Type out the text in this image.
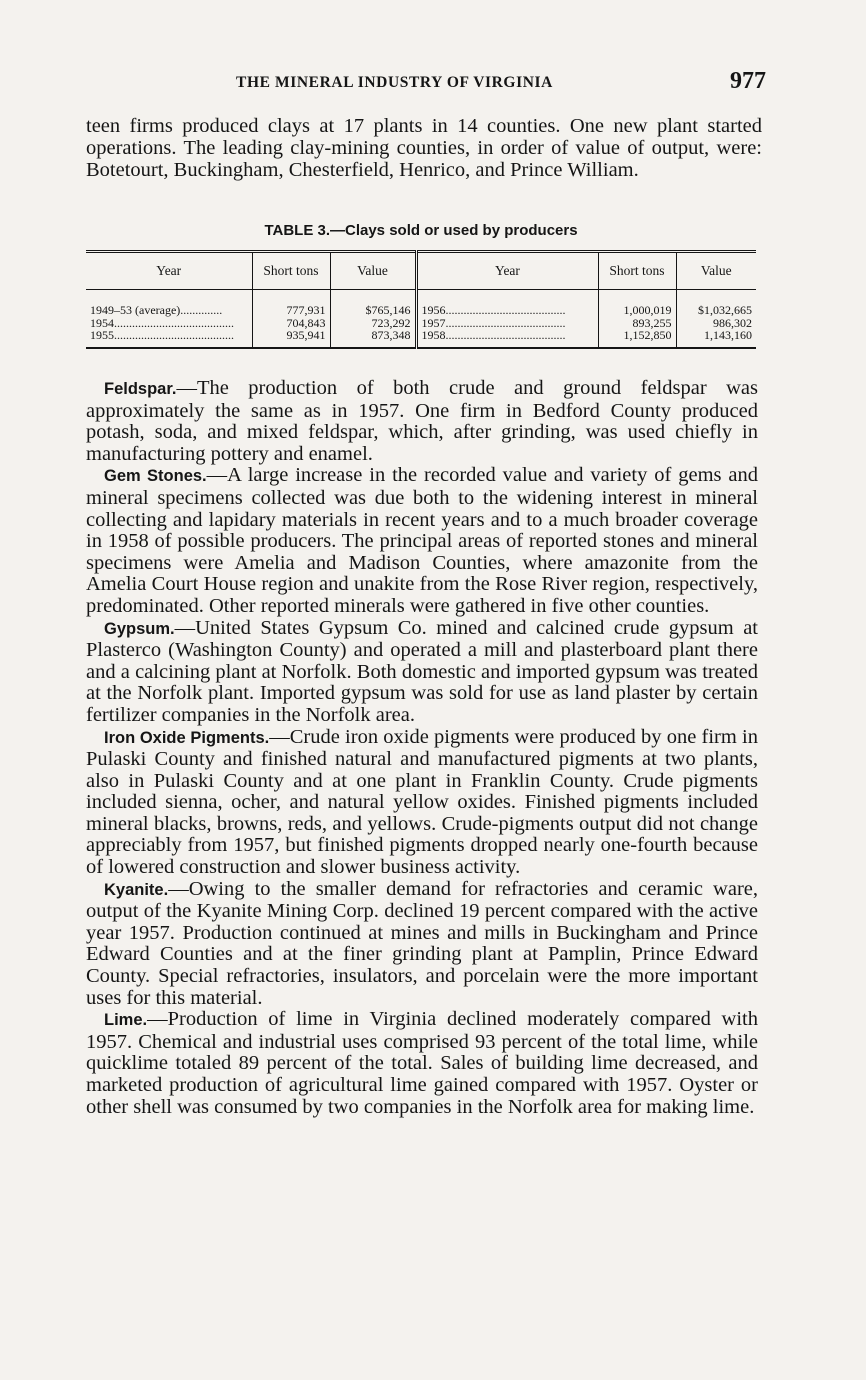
THE MINERAL INDUSTRY OF VIRGINIA	977

teen firms produced clays at 17 plants in 14 counties. One new plant started operations. The leading clay-mining counties, in order of value of output, were: Botetourt, Buckingham, Chesterfield, Henrico, and Prince William.

TABLE 3.—Clays sold or used by producers
Year	Short tons	Value	Year	Short tons	Value
1949–53 (average)..............	777,931	$765,146	1956........................................	1,000,019	$1,032,665
1954........................................	704,843	723,292	1957........................................	893,255	986,302
1955........................................	935,941	873,348	1958........................................	1,152,850	1,143,160

Feldspar.—The production of both crude and ground feldspar was approximately the same as in 1957. One firm in Bedford County produced potash, soda, and mixed feldspar, which, after grinding, was used chiefly in manufacturing pottery and enamel.

Gem Stones.—A large increase in the recorded value and variety of gems and mineral specimens collected was due both to the widening interest in mineral collecting and lapidary materials in recent years and to a much broader coverage in 1958 of possible producers. The principal areas of reported stones and mineral specimens were Amelia and Madison Counties, where amazonite from the Amelia Court House region and unakite from the Rose River region, respectively, predominated. Other reported minerals were gathered in five other counties.

Gypsum.—United States Gypsum Co. mined and calcined crude gypsum at Plasterco (Washington County) and operated a mill and plasterboard plant there and a calcining plant at Norfolk. Both domestic and imported gypsum was treated at the Norfolk plant. Imported gypsum was sold for use as land plaster by certain fertilizer companies in the Norfolk area.

Iron Oxide Pigments.—Crude iron oxide pigments were produced by one firm in Pulaski County and finished natural and manufactured pigments at two plants, also in Pulaski County and at one plant in Franklin County. Crude pigments included sienna, ocher, and natural yellow oxides. Finished pigments included mineral blacks, browns, reds, and yellows. Crude-pigments output did not change appreciably from 1957, but finished pigments dropped nearly one-fourth because of lowered construction and slower business activity.

Kyanite.—Owing to the smaller demand for refractories and ceramic ware, output of the Kyanite Mining Corp. declined 19 percent compared with the active year 1957. Production continued at mines and mills in Buckingham and Prince Edward Counties and at the finer grinding plant at Pamplin, Prince Edward County. Special refractories, insulators, and porcelain were the more important uses for this material.

Lime.—Production of lime in Virginia declined moderately compared with 1957. Chemical and industrial uses comprised 93 percent of the total lime, while quicklime totaled 89 percent of the total. Sales of building lime decreased, and marketed production of agricultural lime gained compared with 1957. Oyster or other shell was consumed by two companies in the Norfolk area for making lime.
